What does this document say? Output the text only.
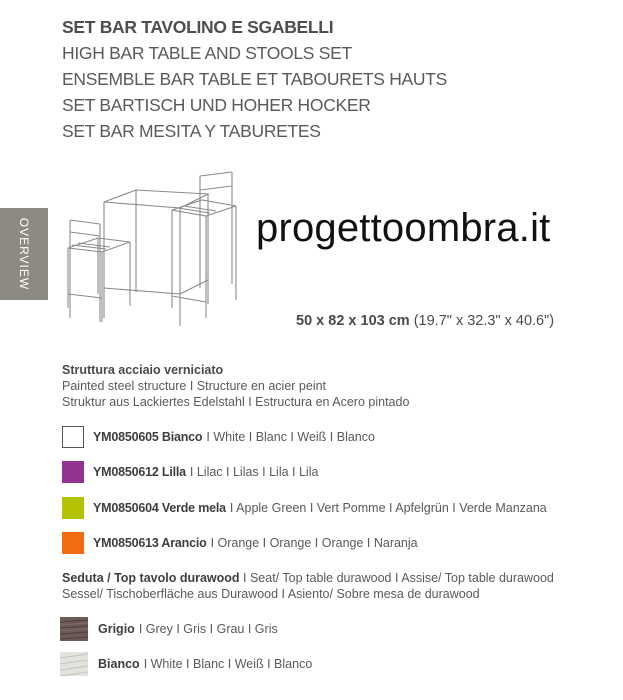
SET BAR TAVOLINO E SGABELLI
HIGH BAR TABLE AND STOOLS SET
ENSEMBLE BAR TABLE ET TABOURETS HAUTS
SET BARTISCH UND HOHER HOCKER
SET BAR MESITA Y TABURETES
OVERVIEW	progettoombra.it
50 x 82 x 103 cm (19.7" x 32.3" x 40.6")
Struttura acciaio verniciato
Painted steel structure I Structure en acier peint
Struktur aus Lackiertes Edelstahl I Estructura en Acero pintado
YM0850605 Bianco I White I Blanc I Weiß I Blanco
YM0850612 Lilla I Lilac I Lilas I Lila I Lila
YM0850604 Verde mela I Apple Green I Vert Pomme I Apfelgrün I Verde Manzana
YM0850613 Arancio I Orange I Orange I Orange I Naranja
Seduta / Top tavolo durawood I Seat/ Top table durawood I Assise/ Top table durawood
Sessel/ Tischoberfläche aus Durawood I Asiento/ Sobre mesa de durawood
Grigio I Grey I Gris I Grau I Gris
Bianco I White I Blanc I Weiß I Blanco
